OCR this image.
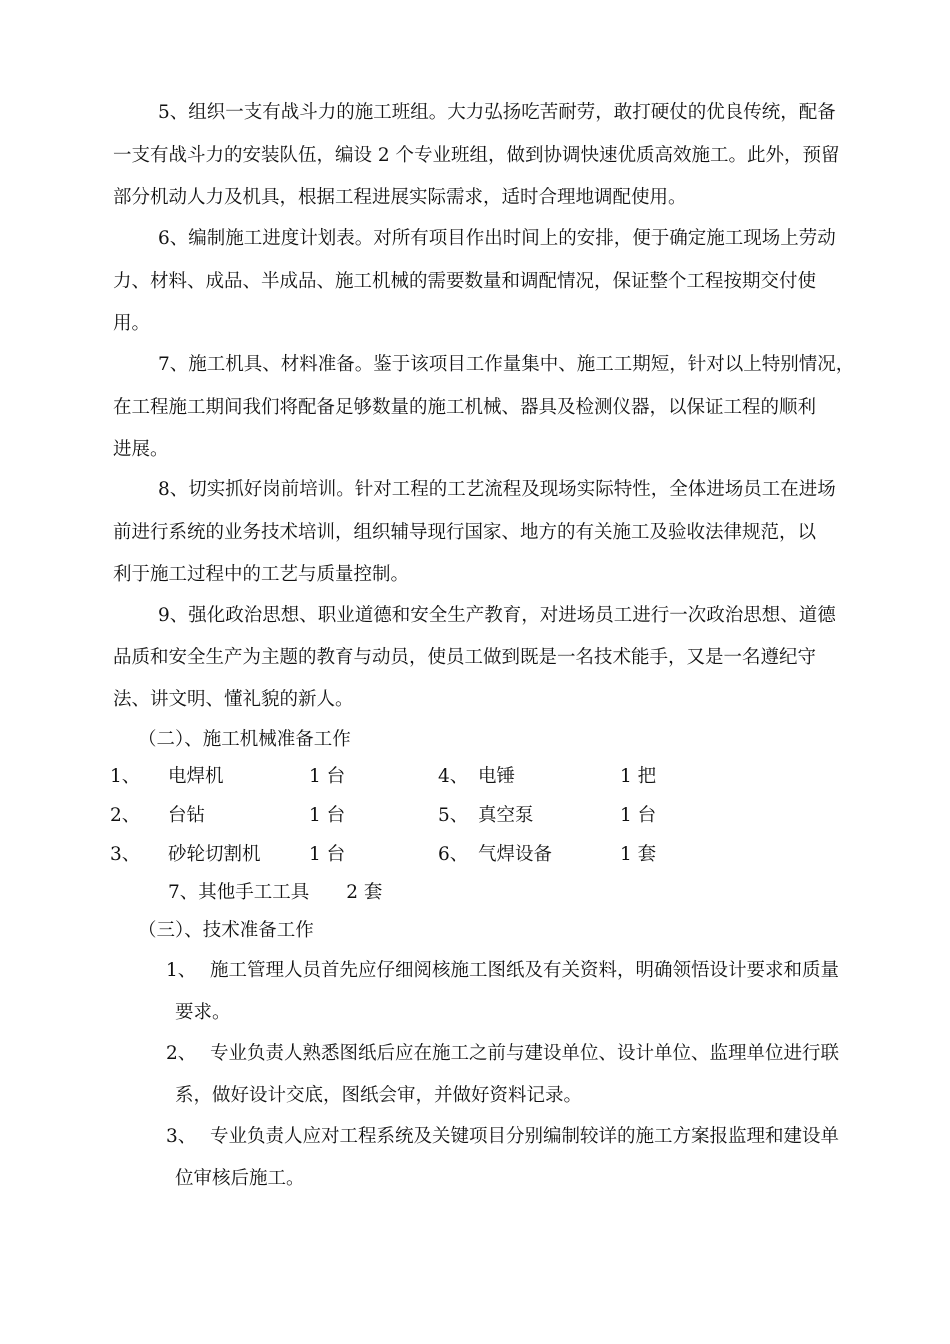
5、组织一支有战斗力的施工班组。大力弘扬吃苦耐劳，敢打硬仗的优良传统，配备
一支有战斗力的安装队伍，编设 2 个专业班组，做到协调快速优质高效施工。此外，预留
部分机动人力及机具，根据工程进展实际需求，适时合理地调配使用。
6、编制施工进度计划表。对所有项目作出时间上的安排，便于确定施工现场上劳动
力、材料、成品、半成品、施工机械的需要数量和调配情况，保证整个工程按期交付使
用。
7、施工机具、材料准备。鉴于该项目工作量集中、施工工期短，针对以上特别情况，
在工程施工期间我们将配备足够数量的施工机械、器具及检测仪器，以保证工程的顺利
进展。
8、切实抓好岗前培训。针对工程的工艺流程及现场实际特性，全体进场员工在进场
前进行系统的业务技术培训，组织辅导现行国家、地方的有关施工及验收法律规范，以
利于施工过程中的工艺与质量控制。
9、强化政治思想、职业道德和安全生产教育，对进场员工进行一次政治思想、道德
品质和安全生产为主题的教育与动员，使员工做到既是一名技术能手，又是一名遵纪守
法、讲文明、懂礼貌的新人。
（二）、施工机械准备工作
1、 电焊机	1 台	4、 电锤	1 把
2、 台钻	1 台	5、 真空泵	1 台
3、 砂轮切割机	1 台	6、 气焊设备	1 套
7、其他手工工具　　2 套
（三）、技术准备工作
1、 施工管理人员首先应仔细阅核施工图纸及有关资料，明确领悟设计要求和质量
要求。
2、 专业负责人熟悉图纸后应在施工之前与建设单位、设计单位、监理单位进行联
系，做好设计交底，图纸会审，并做好资料记录。
3、 专业负责人应对工程系统及关键项目分别编制较详的施工方案报监理和建设单
位审核后施工。
